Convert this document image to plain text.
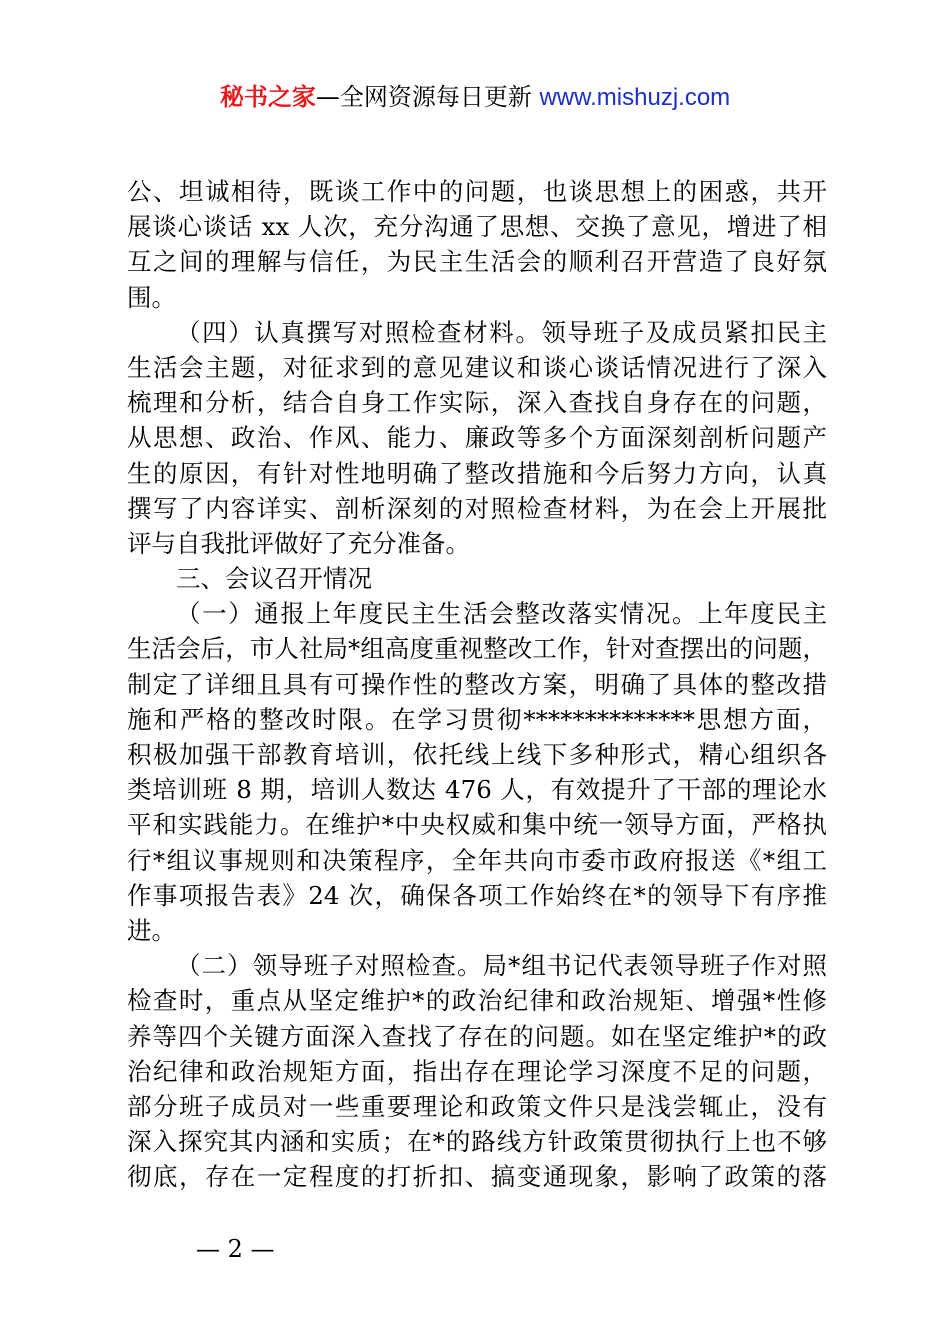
秘书之家—全网资源每日更新 www.mishuzj.com
公、坦诚相待，既谈工作中的问题，也谈思想上的困惑，共开
展谈心谈话 xx 人次，充分沟通了思想、交换了意见，增进了相
互之间的理解与信任，为民主生活会的顺利召开营造了良好氛
围。
（四）认真撰写对照检查材料。领导班子及成员紧扣民主
生活会主题，对征求到的意见建议和谈心谈话情况进行了深入
梳理和分析，结合自身工作实际，深入查找自身存在的问题，
从思想、政治、作风、能力、廉政等多个方面深刻剖析问题产
生的原因，有针对性地明确了整改措施和今后努力方向，认真
撰写了内容详实、剖析深刻的对照检查材料，为在会上开展批
评与自我批评做好了充分准备。
三、会议召开情况
（一）通报上年度民主生活会整改落实情况。上年度民主
生活会后，市人社局*组高度重视整改工作，针对查摆出的问题，
制定了详细且具有可操作性的整改方案，明确了具体的整改措
施和严格的整改时限。在学习贯彻**************思想方面，
积极加强干部教育培训，依托线上线下多种形式，精心组织各
类培训班 8 期，培训人数达 476 人，有效提升了干部的理论水
平和实践能力。在维护*中央权威和集中统一领导方面，严格执
行*组议事规则和决策程序，全年共向市委市政府报送《*组工
作事项报告表》24 次，确保各项工作始终在*的领导下有序推
进。
（二）领导班子对照检查。局*组书记代表领导班子作对照
检查时，重点从坚定维护*的政治纪律和政治规矩、增强*性修
养等四个关键方面深入查找了存在的问题。如在坚定维护*的政
治纪律和政治规矩方面，指出存在理论学习深度不足的问题，
部分班子成员对一些重要理论和政策文件只是浅尝辄止，没有
深入探究其内涵和实质；在*的路线方针政策贯彻执行上也不够
彻底，存在一定程度的打折扣、搞变通现象，影响了政策的落
— 2 —
